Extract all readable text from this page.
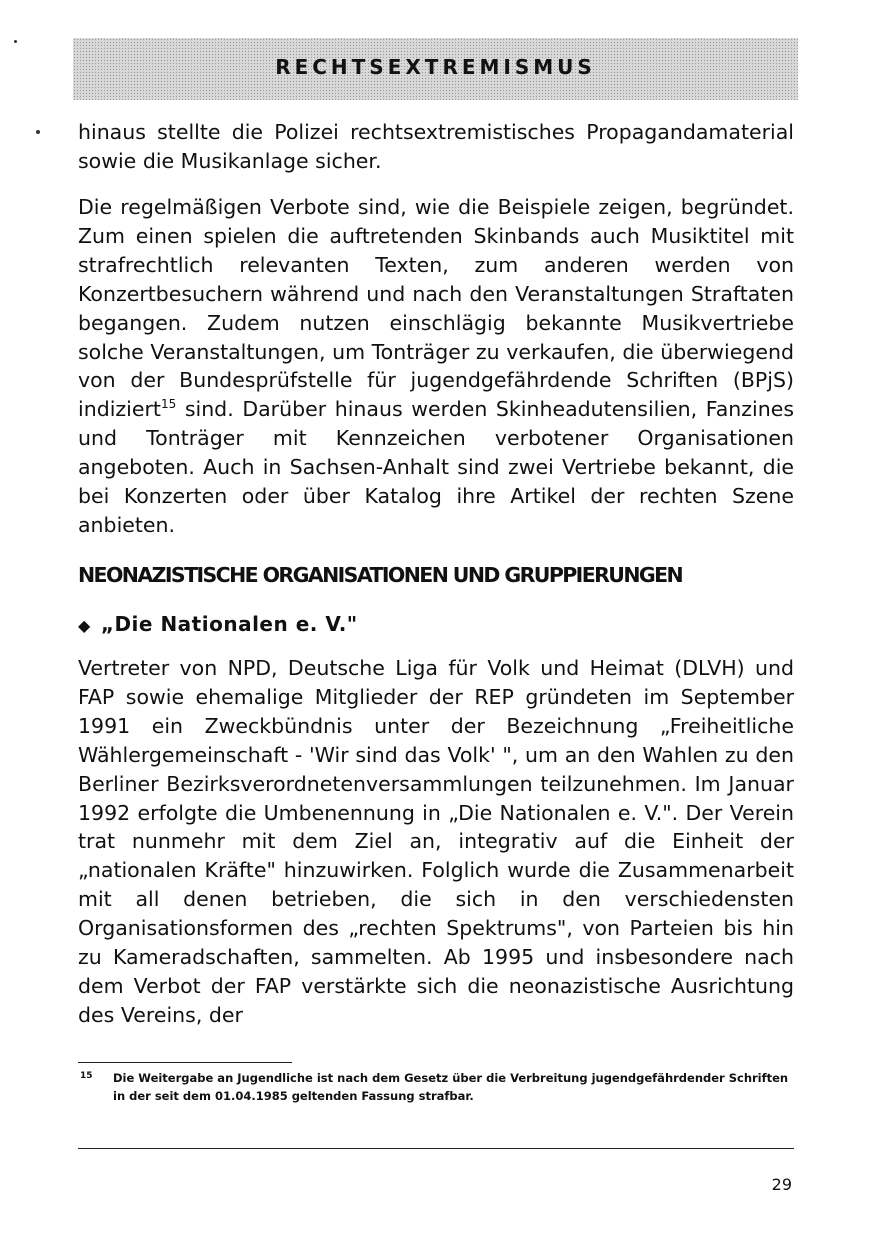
RECHTSEXTREMISMUS

hinaus stellte die Polizei rechtsextremistisches Propagandamaterial sowie die Musikanlage sicher.

Die regelmäßigen Verbote sind, wie die Beispiele zeigen, begründet. Zum einen spielen die auftretenden Skinbands auch Musiktitel mit strafrechtlich relevanten Texten, zum anderen werden von Konzertbesuchern während und nach den Veranstaltungen Straftaten begangen. Zudem nutzen einschlägig bekannte Musikvertriebe solche Veranstaltungen, um Tonträger zu verkaufen, die überwiegend von der Bundesprüfstelle für jugendgefährdende Schriften (BPjS) indiziert$^{15}$ sind. Darüber hinaus werden Skinheadutensilien, Fanzines und Tonträger mit Kennzeichen verbotener Organisationen angeboten. Auch in Sachsen-Anhalt sind zwei Vertriebe bekannt, die bei Konzerten oder über Katalog ihre Artikel der rechten Szene anbieten.

NEONAZISTISCHE ORGANISATIONEN UND GRUPPIERUNGEN
◆ „Die Nationalen e. V."

Vertreter von NPD, Deutsche Liga für Volk und Heimat (DLVH) und FAP sowie ehemalige Mitglieder der REP gründeten im September 1991 ein Zweckbündnis unter der Bezeichnung „Freiheitliche Wählergemeinschaft - 'Wir sind das Volk' ", um an den Wahlen zu den Berliner Bezirksverordnetenversammlungen teilzunehmen. Im Januar 1992 erfolgte die Umbenennung in „Die Nationalen e. V.". Der Verein trat nunmehr mit dem Ziel an, integrativ auf die Einheit der „nationalen Kräfte" hinzuwirken. Folglich wurde die Zusammenarbeit mit all denen betrieben, die sich in den verschiedensten Organisationsformen des „rechten Spektrums", von Parteien bis hin zu Kameradschaften, sammelten. Ab 1995 und insbesondere nach dem Verbot der FAP verstärkte sich die neonazistische Ausrichtung des Vereins, der

15 Die Weitergabe an Jugendliche ist nach dem Gesetz über die Verbreitung jugendgefährdender Schriften in der seit dem 01.04.1985 geltenden Fassung strafbar.

29
